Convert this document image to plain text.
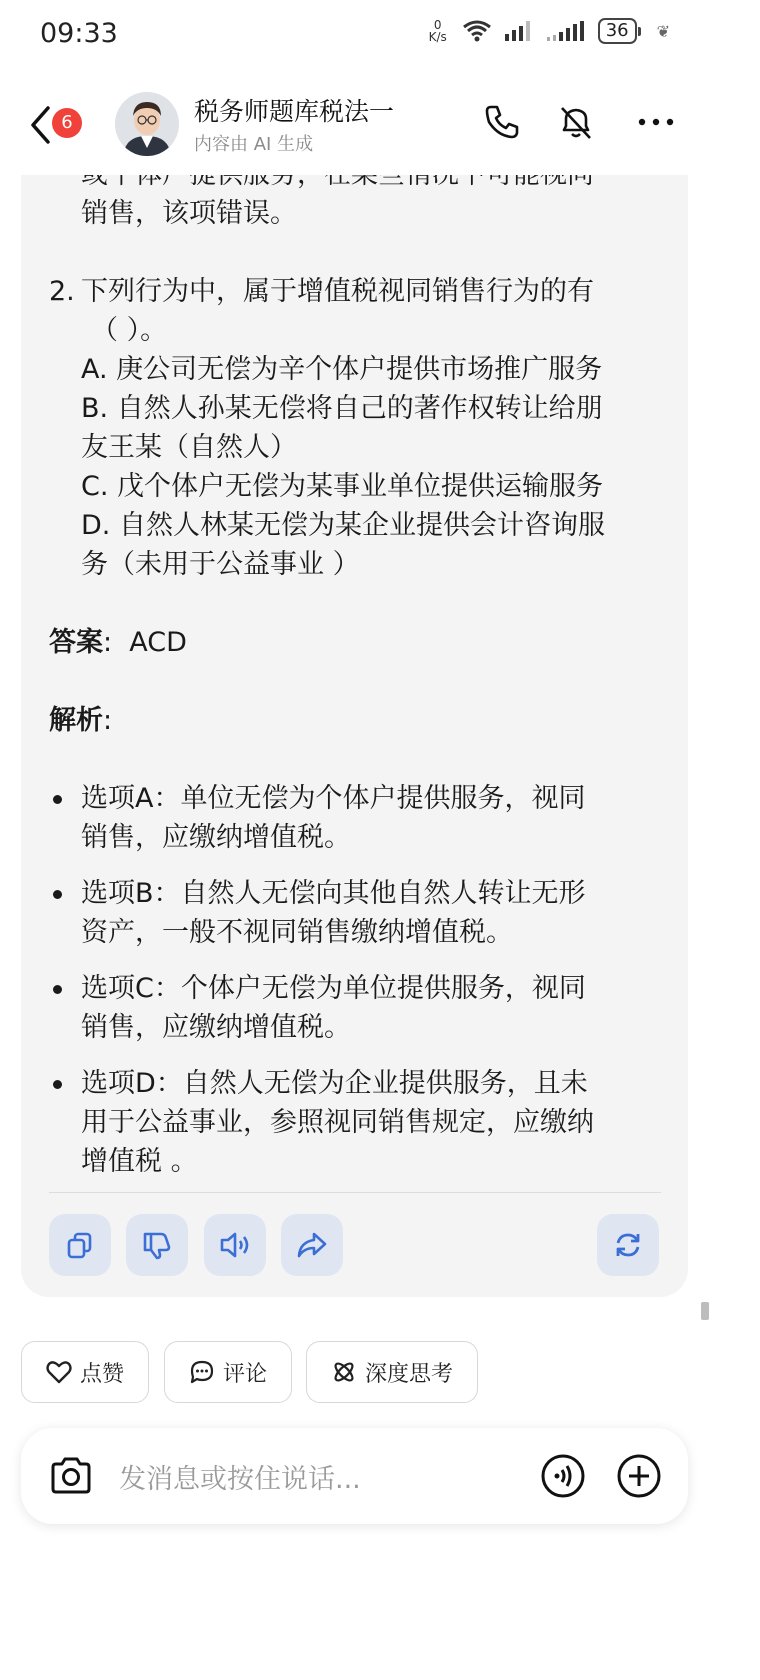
09:33	0
K/s	36	❦

销售，该项错误。

2. 下列行为中，属于增值税视同销售行为的有

（ ）。

A. 庚公司无偿为辛个体户提供市场推广服务

B. 自然人孙某无偿将自己的著作权转让给朋

友王某（自然人）

C. 戊个体户无偿为某事业单位提供运输服务

D. 自然人林某无偿为某企业提供会计咨询服

务（未用于公益事业 ）

答案: ACD

解析:

选项A：单位无偿为个体户提供服务，视同
销售，应缴纳增值税。
选项B：自然人无偿向其他自然人转让无形
资产，一般不视同销售缴纳增值税。
选项C：个体户无偿为单位提供服务，视同
销售，应缴纳增值税。
选项D：自然人无偿为企业提供服务，且未
用于公益事业，参照视同销售规定，应缴纳
增值税 。
6	税务师题库税法一
内容由 AI 生成
点赞	评论	深度思考
发消息或按住说话...
